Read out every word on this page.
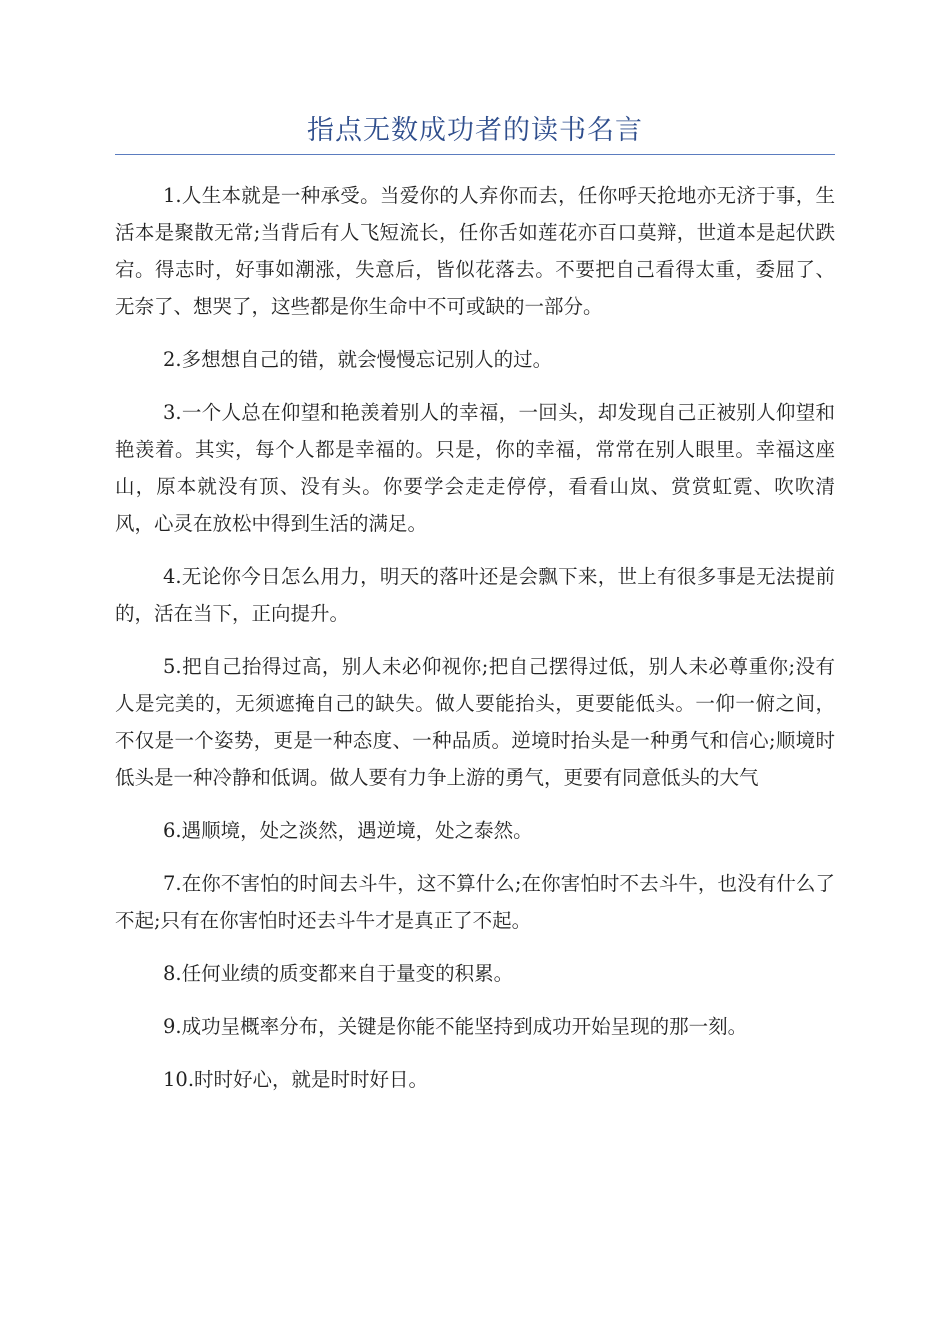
指点无数成功者的读书名言

1.人生本就是一种承受。当爱你的人弃你而去，任你呼天抢地亦无济于事，生活本是聚散无常;当背后有人飞短流长，任你舌如莲花亦百口莫辩，世道本是起伏跌宕。得志时，好事如潮涨，失意后，皆似花落去。不要把自己看得太重，委屈了、无奈了、想哭了，这些都是你生命中不可或缺的一部分。

2.多想想自己的错，就会慢慢忘记别人的过。

3.一个人总在仰望和艳羡着别人的幸福，一回头，却发现自己正被别人仰望和艳羡着。其实，每个人都是幸福的。只是，你的幸福，常常在别人眼里。幸福这座山，原本就没有顶、没有头。你要学会走走停停，看看山岚、赏赏虹霓、吹吹清风，心灵在放松中得到生活的满足。

4.无论你今日怎么用力，明天的落叶还是会飘下来，世上有很多事是无法提前的，活在当下，正向提升。

5.把自己抬得过高，别人未必仰视你;把自己摆得过低，别人未必尊重你;没有人是完美的，无须遮掩自己的缺失。做人要能抬头，更要能低头。一仰一俯之间，不仅是一个姿势，更是一种态度、一种品质。逆境时抬头是一种勇气和信心;顺境时低头是一种冷静和低调。做人要有力争上游的勇气，更要有同意低头的大气

6.遇顺境，处之淡然，遇逆境，处之泰然。

7.在你不害怕的时间去斗牛，这不算什么;在你害怕时不去斗牛，也没有什么了不起;只有在你害怕时还去斗牛才是真正了不起。

8.任何业绩的质变都来自于量变的积累。

9.成功呈概率分布，关键是你能不能坚持到成功开始呈现的那一刻。

10.时时好心，就是时时好日。
